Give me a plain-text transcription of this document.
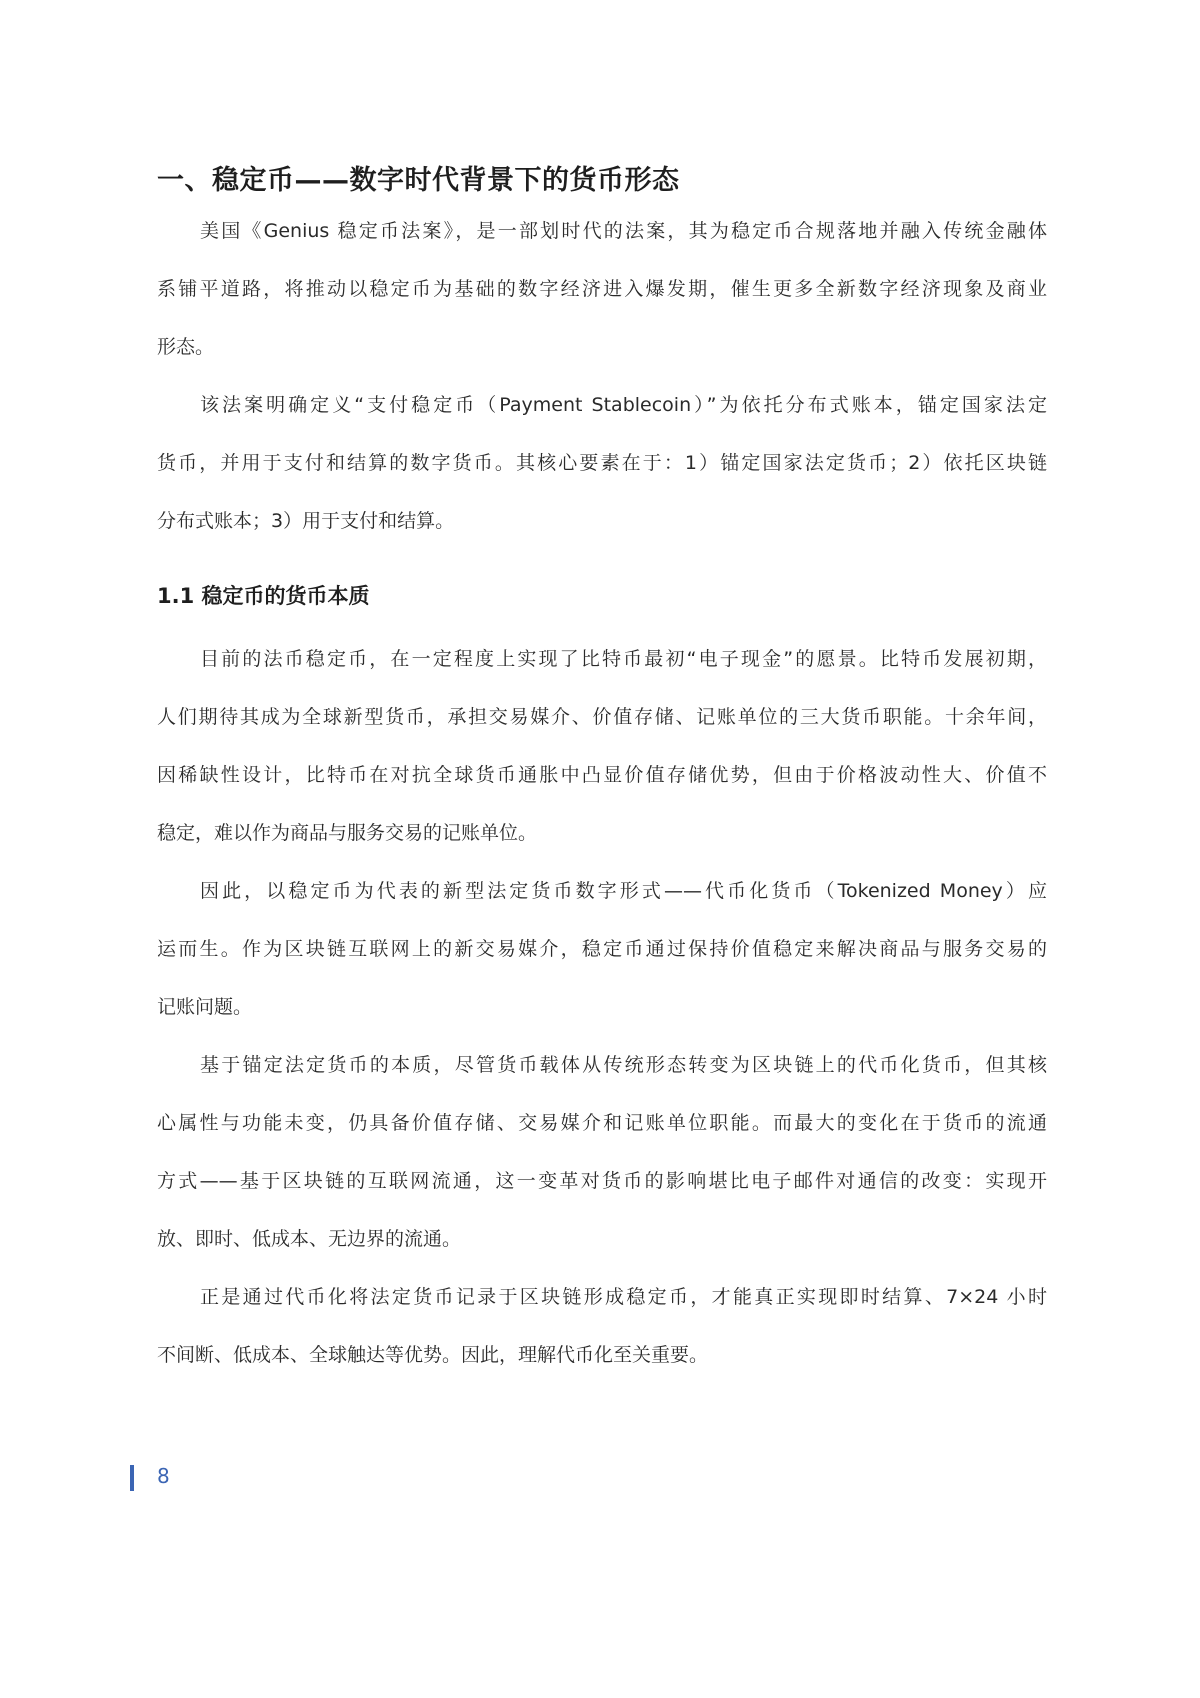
一、稳定币——数字时代背景下的货币形态
美国《Genius 稳定币法案》，是一部划时代的法案，其为稳定币合规落地并融入传统金融体
系铺平道路，将推动以稳定币为基础的数字经济进入爆发期，催生更多全新数字经济现象及商业
形态。
该法案明确定义“支付稳定币（Payment Stablecoin）”为依托分布式账本，锚定国家法定
货币，并用于支付和结算的数字货币。其核心要素在于：1）锚定国家法定货币；2）依托区块链
分布式账本；3）用于支付和结算。
1.1 稳定币的货币本质
目前的法币稳定币，在一定程度上实现了比特币最初“电子现金”的愿景。比特币发展初期，
人们期待其成为全球新型货币，承担交易媒介、价值存储、记账单位的三大货币职能。十余年间，
因稀缺性设计，比特币在对抗全球货币通胀中凸显价值存储优势，但由于价格波动性大、价值不
稳定，难以作为商品与服务交易的记账单位。
因此，以稳定币为代表的新型法定货币数字形式——代币化货币（Tokenized Money）应
运而生。作为区块链互联网上的新交易媒介，稳定币通过保持价值稳定来解决商品与服务交易的
记账问题。
基于锚定法定货币的本质，尽管货币载体从传统形态转变为区块链上的代币化货币，但其核
心属性与功能未变，仍具备价值存储、交易媒介和记账单位职能。而最大的变化在于货币的流通
方式——基于区块链的互联网流通，这一变革对货币的影响堪比电子邮件对通信的改变：实现开
放、即时、低成本、无边界的流通。
正是通过代币化将法定货币记录于区块链形成稳定币，才能真正实现即时结算、7×24 小时
不间断、低成本、全球触达等优势。因此，理解代币化至关重要。
8
